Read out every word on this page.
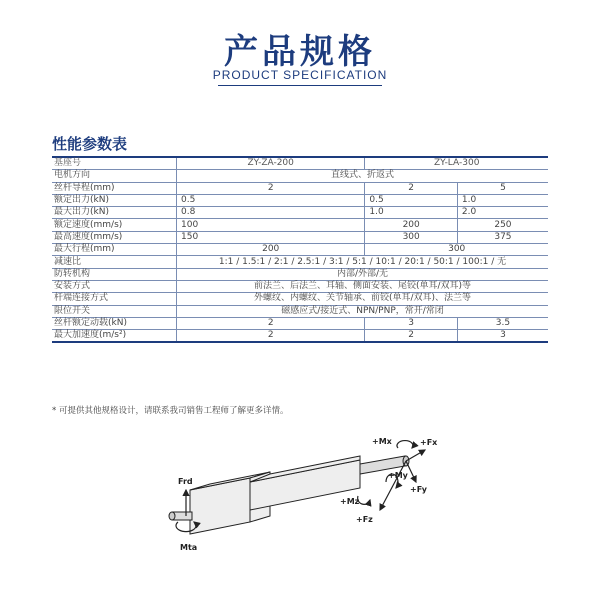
产品规格
PRODUCT SPECIFICATION
性能参数表
基座号	ZY-ZA-200	ZY-LA-300	
电机方向	直线式、折返式		
丝杆导程(mm)	2	2	5
额定出力(kN)	0.5	0.5	1.0
最大出力(kN)	0.8	1.0	2.0
额定速度(mm/s)	100	200	250
最高速度(mm/s)	150	300	375
最大行程(mm)	200	300	
减速比	1:1 / 1.5:1 / 2:1 / 2.5:1 / 3:1 / 5:1 / 10:1 / 20:1 / 50:1 / 100:1 / 无		
防转机构	内部/外部/无		
安装方式	前法兰、后法兰、耳轴、侧面安装、尾铰(单耳/双耳)等		
杆端连接方式	外螺纹、内螺纹、关节轴承、前铰(单耳/双耳)、法兰等		
限位开关	磁感应式/接近式、NPN/PNP，常开/常闭		
丝杆额定动载(kN)	2	3	3.5
最大加速度(m/s²)	2	2	3
* 可提供其他规格设计，请联系我司销售工程师了解更多详情。
Frd
Mta
+Mx	+Fx
+My
+Fy
+Mz
+Fz
